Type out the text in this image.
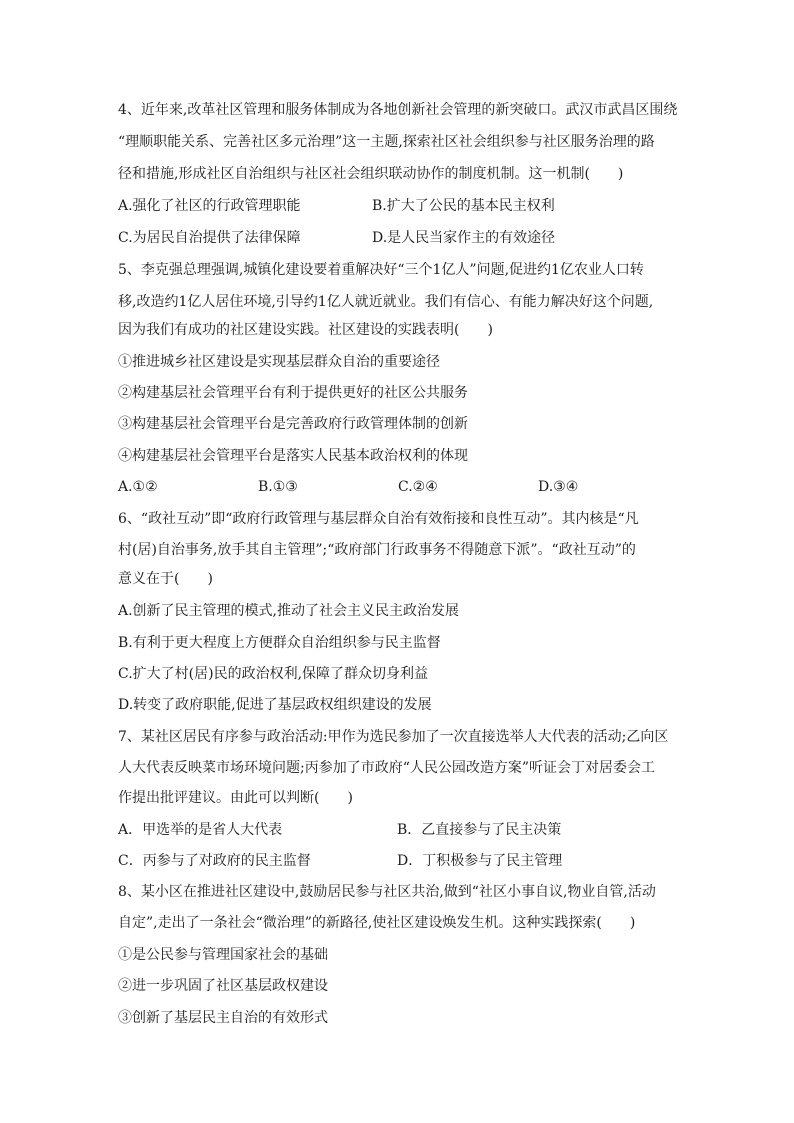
4、近年来,改革社区管理和服务体制成为各地创新社会管理的新突破口。武汉市武昌区围绕
“理顺职能关系、完善社区多元治理”这一主题,探索社区社会组织参与社区服务治理的路
径和措施,形成社区自治组织与社区社会组织联动协作的制度机制。这一机制(　　)
A.强化了社区的行政管理职能	B.扩大了公民的基本民主权利
C.为居民自治提供了法律保障	D.是人民当家作主的有效途径
5、李克强总理强调,城镇化建设要着重解决好“三个1亿人”问题,促进约1亿农业人口转
移,改造约1亿人居住环境,引导约1亿人就近就业。我们有信心、有能力解决好这个问题,
因为我们有成功的社区建设实践。社区建设的实践表明(　　)
①推进城乡社区建设是实现基层群众自治的重要途径
②构建基层社会管理平台有利于提供更好的社区公共服务
③构建基层社会管理平台是完善政府行政管理体制的创新
④构建基层社会管理平台是落实人民基本政治权利的体现
A.①②	B.①③	C.②④	D.③④
6、“政社互动”即“政府行政管理与基层群众自治有效衔接和良性互动”。其内核是“凡
村(居)自治事务,放手其自主管理”;“政府部门行政事务不得随意下派”。“政社互动”的
意义在于(　　)
A.创新了民主管理的模式,推动了社会主义民主政治发展
B.有利于更大程度上方便群众自治组织参与民主监督
C.扩大了村(居)民的政治权利,保障了群众切身利益
D.转变了政府职能,促进了基层政权组织建设的发展
7、某社区居民有序参与政治活动:甲作为选民参加了一次直接选举人大代表的活动;乙向区
人大代表反映菜市场环境问题;丙参加了市政府“人民公园改造方案”听证会丁对居委会工
作提出批评建议。由此可以判断(　　)
A．甲选举的是省人大代表	B．乙直接参与了民主决策
C．丙参与了对政府的民主监督	D．丁积极参与了民主管理
8、某小区在推进社区建设中,鼓励居民参与社区共治,做到“社区小事自议,物业自管,活动
自定”,走出了一条社会“微治理”的新路径,使社区建设焕发生机。这种实践探索(　　)
①是公民参与管理国家社会的基础
②进一步巩固了社区基层政权建设
③创新了基层民主自治的有效形式
